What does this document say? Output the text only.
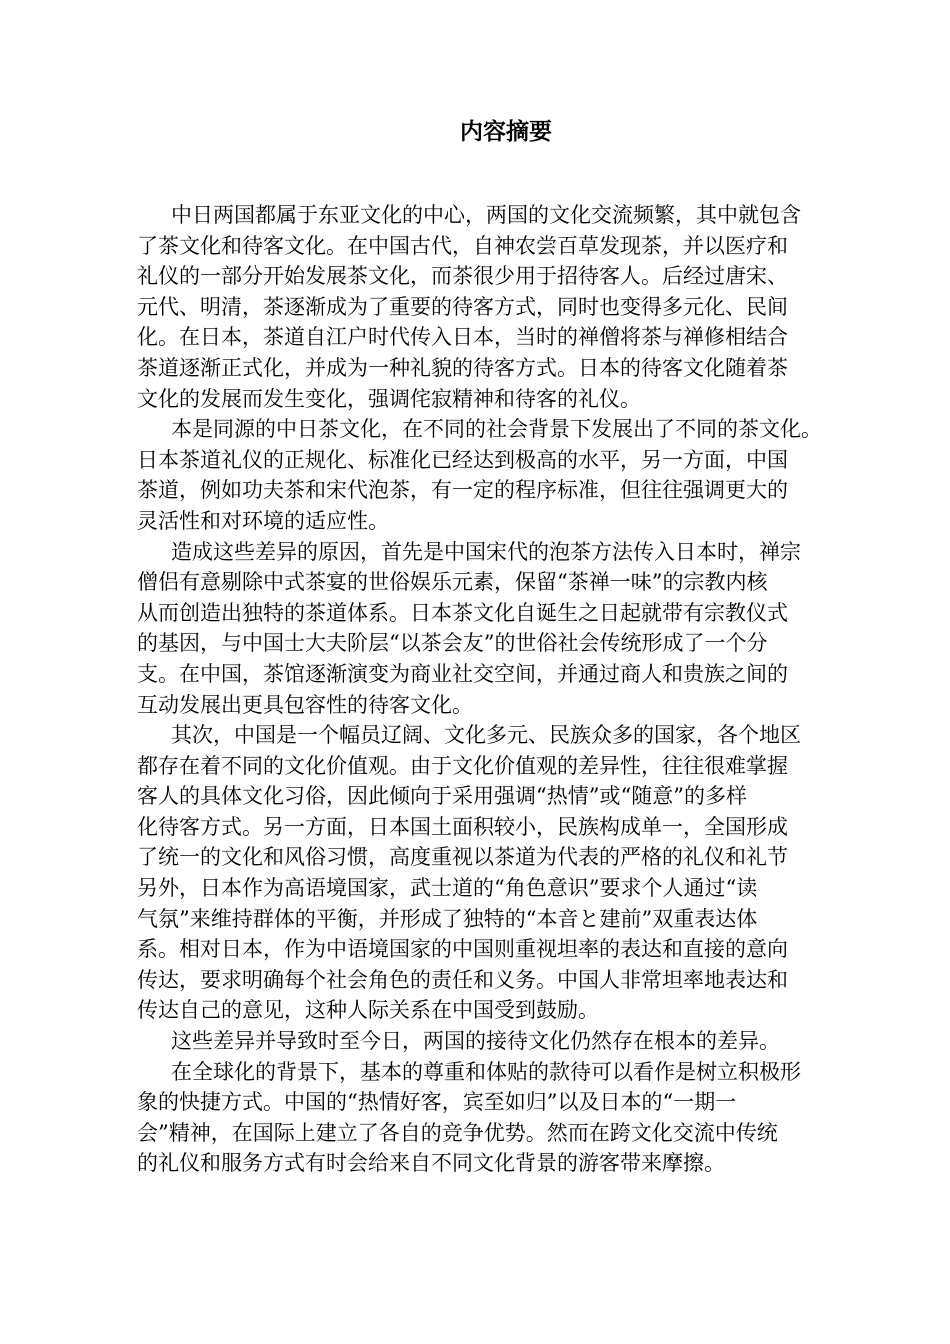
内容摘要
中日两国都属于东亚文化的中心，两国的文化交流频繁，其中就包含
了茶文化和待客文化。在中国古代，自神农尝百草发现茶，并以医疗和
礼仪的一部分开始发展茶文化，而茶很少用于招待客人。后经过唐宋、
元代、明清，茶逐渐成为了重要的待客方式，同时也变得多元化、民间
化。在日本，茶道自江户时代传入日本，当时的禅僧将茶与禅修相结合
茶道逐渐正式化，并成为一种礼貌的待客方式。日本的待客文化随着茶
文化的发展而发生变化，强调侘寂精神和待客的礼仪。
本是同源的中日茶文化，在不同的社会背景下发展出了不同的茶文化。
日本茶道礼仪的正规化、标准化已经达到极高的水平，另一方面，中国
茶道，例如功夫茶和宋代泡茶，有一定的程序标准，但往往强调更大的
灵活性和对环境的适应性。
造成这些差异的原因，首先是中国宋代的泡茶方法传入日本时，禅宗
僧侣有意剔除中式茶宴的世俗娱乐元素，保留“茶禅一味”的宗教内核
从而创造出独特的茶道体系。日本茶文化自诞生之日起就带有宗教仪式
的基因，与中国士大夫阶层“以茶会友”的世俗社会传统形成了一个分
支。在中国，茶馆逐渐演变为商业社交空间，并通过商人和贵族之间的
互动发展出更具包容性的待客文化。
其次，中国是一个幅员辽阔、文化多元、民族众多的国家，各个地区
都存在着不同的文化价值观。由于文化价值观的差异性，往往很难掌握
客人的具体文化习俗，因此倾向于采用强调“热情”或“随意”的多样
化待客方式。另一方面，日本国土面积较小，民族构成单一，全国形成
了统一的文化和风俗习惯，高度重视以茶道为代表的严格的礼仪和礼节
另外，日本作为高语境国家，武士道的“角色意识”要求个人通过“读
气氛”来维持群体的平衡，并形成了独特的“本音と建前”双重表达体
系。相对日本，作为中语境国家的中国则重视坦率的表达和直接的意向
传达，要求明确每个社会角色的责任和义务。中国人非常坦率地表达和
传达自己的意见，这种人际关系在中国受到鼓励。
这些差异并导致时至今日，两国的接待文化仍然存在根本的差异。
在全球化的背景下，基本的尊重和体贴的款待可以看作是树立积极形
象的快捷方式。中国的“热情好客，宾至如归”以及日本的“一期一
会”精神，在国际上建立了各自的竞争优势。然而在跨文化交流中传统
的礼仪和服务方式有时会给来自不同文化背景的游客带来摩擦。
